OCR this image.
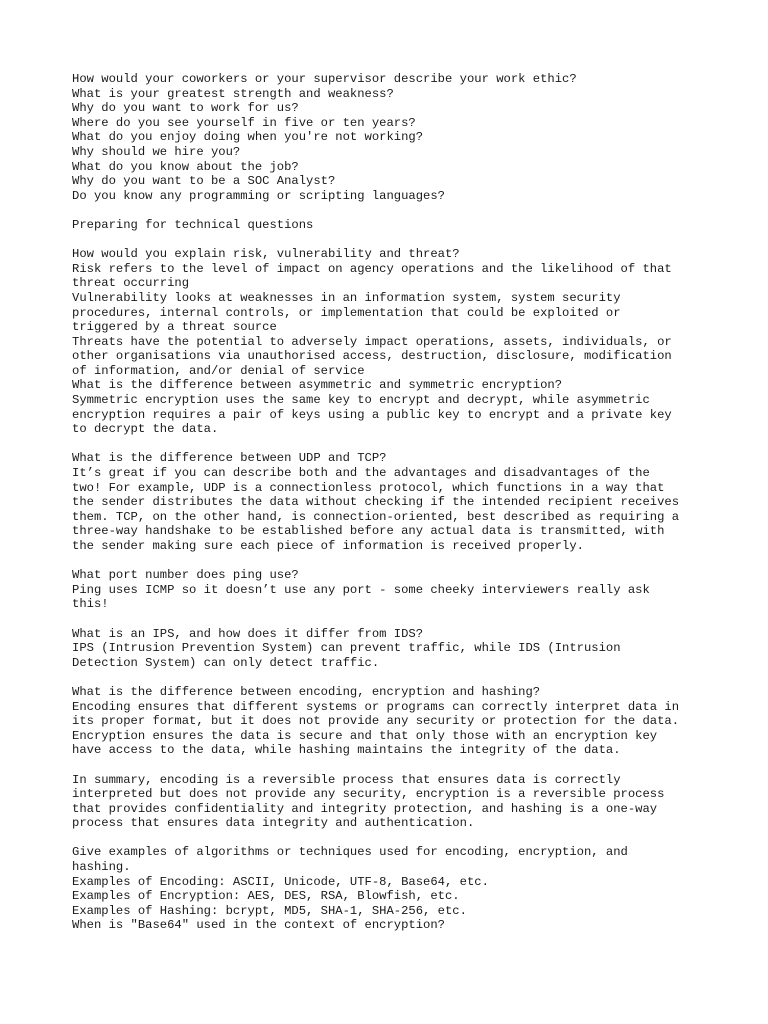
How would your coworkers or your supervisor describe your work ethic?
What is your greatest strength and weakness?
Why do you want to work for us?
Where do you see yourself in five or ten years?
What do you enjoy doing when you're not working?
Why should we hire you?
What do you know about the job?
Why do you want to be a SOC Analyst?
Do you know any programming or scripting languages?
Preparing for technical questions
How would you explain risk, vulnerability and threat?
Risk refers to the level of impact on agency operations and the likelihood of that
threat occurring
Vulnerability looks at weaknesses in an information system, system security
procedures, internal controls, or implementation that could be exploited or
triggered by a threat source
Threats have the potential to adversely impact operations, assets, individuals, or
other organisations via unauthorised access, destruction, disclosure, modification
of information, and/or denial of service
What is the difference between asymmetric and symmetric encryption?
Symmetric encryption uses the same key to encrypt and decrypt, while asymmetric
encryption requires a pair of keys using a public key to encrypt and a private key
to decrypt the data.
What is the difference between UDP and TCP?
It’s great if you can describe both and the advantages and disadvantages of the
two! For example, UDP is a connectionless protocol, which functions in a way that
the sender distributes the data without checking if the intended recipient receives
them. TCP, on the other hand, is connection-oriented, best described as requiring a
three-way handshake to be established before any actual data is transmitted, with
the sender making sure each piece of information is received properly.
What port number does ping use?
Ping uses ICMP so it doesn’t use any port - some cheeky interviewers really ask
this!
What is an IPS, and how does it differ from IDS?
IPS (Intrusion Prevention System) can prevent traffic, while IDS (Intrusion
Detection System) can only detect traffic.
What is the difference between encoding, encryption and hashing?
Encoding ensures that different systems or programs can correctly interpret data in
its proper format, but it does not provide any security or protection for the data.
Encryption ensures the data is secure and that only those with an encryption key
have access to the data, while hashing maintains the integrity of the data.
In summary, encoding is a reversible process that ensures data is correctly
interpreted but does not provide any security, encryption is a reversible process
that provides confidentiality and integrity protection, and hashing is a one-way
process that ensures data integrity and authentication.
Give examples of algorithms or techniques used for encoding, encryption, and
hashing.
Examples of Encoding: ASCII, Unicode, UTF-8, Base64, etc.
Examples of Encryption: AES, DES, RSA, Blowfish, etc.
Examples of Hashing: bcrypt, MD5, SHA-1, SHA-256, etc.
When is "Base64" used in the context of encryption?
